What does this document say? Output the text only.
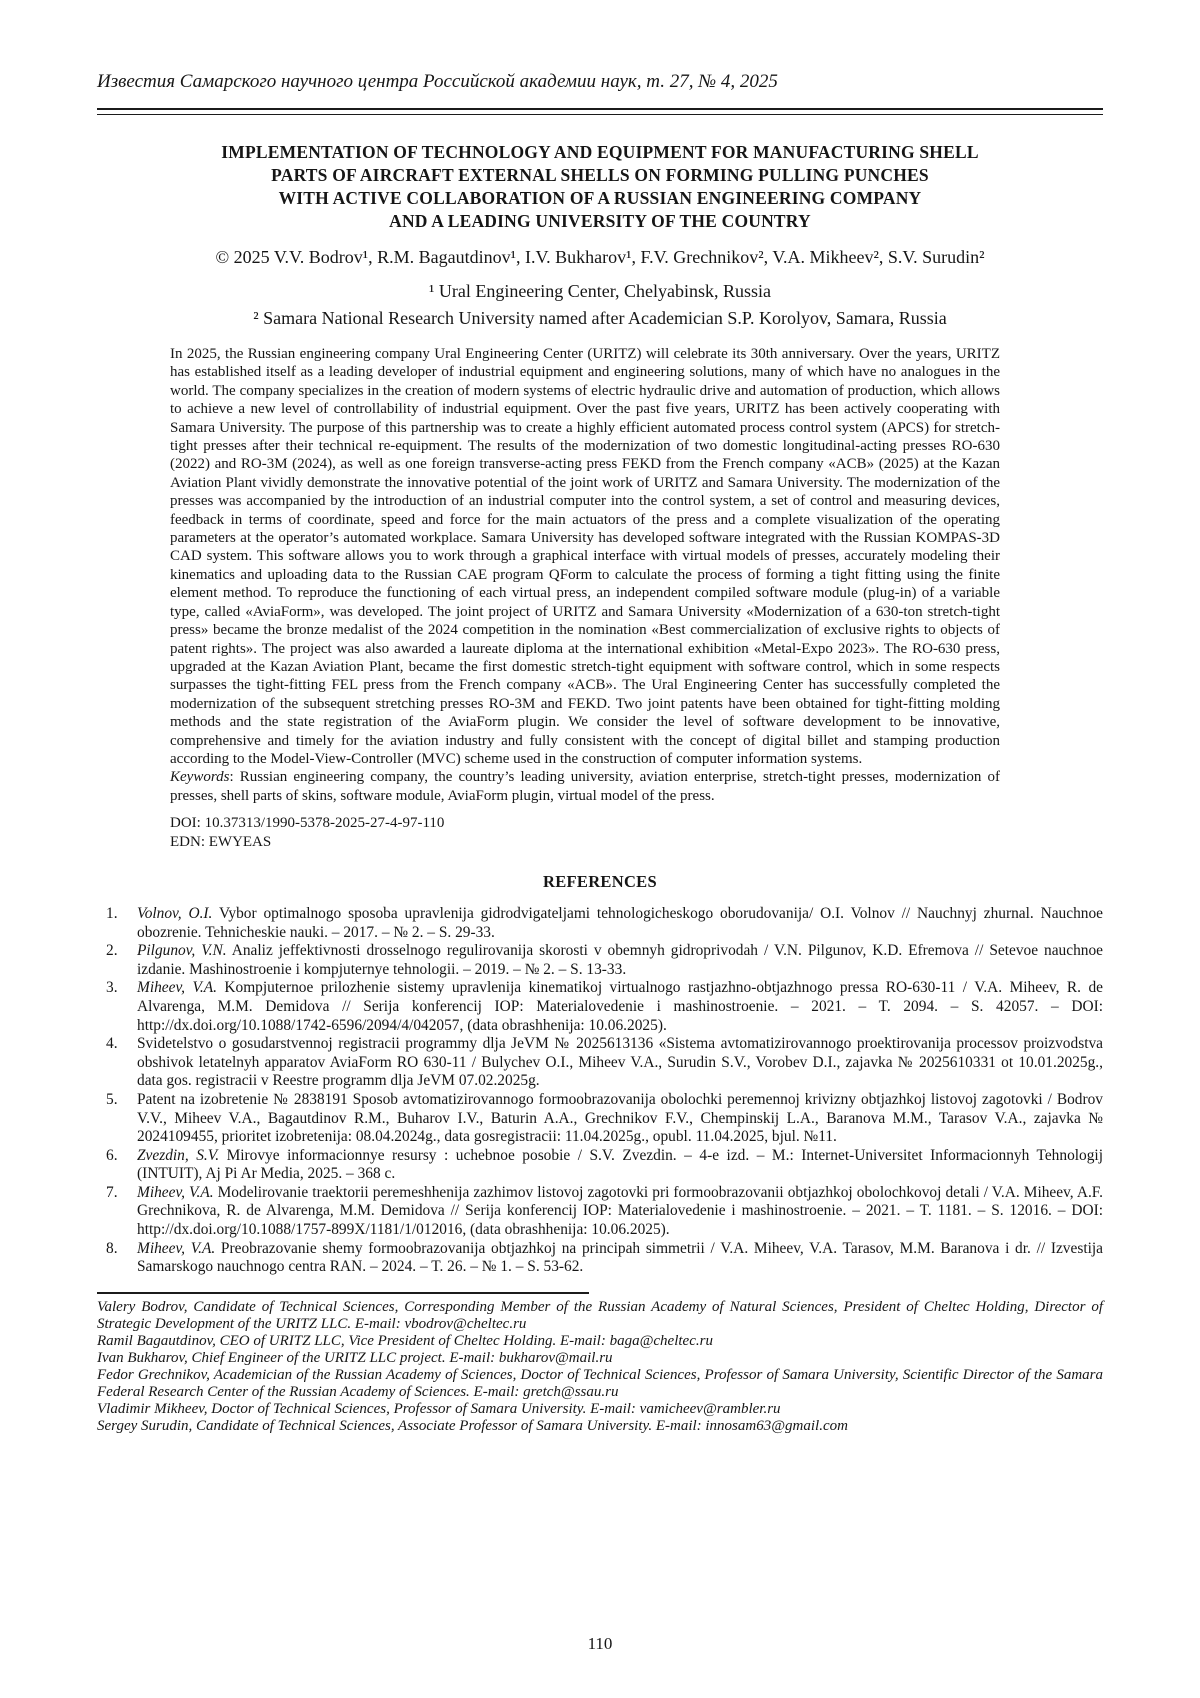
Известия Самарского научного центра Российской академии наук, т. 27, № 4, 2025
IMPLEMENTATION OF TECHNOLOGY AND EQUIPMENT FOR MANUFACTURING SHELL
PARTS OF AIRCRAFT EXTERNAL SHELLS ON FORMING PULLING PUNCHES
WITH ACTIVE COLLABORATION OF A RUSSIAN ENGINEERING COMPANY
AND A LEADING UNIVERSITY OF THE COUNTRY
© 2025 V.V. Bodrov¹, R.M. Bagautdinov¹, I.V. Bukharov¹, F.V. Grechnikov², V.A. Mikheev², S.V. Surudin²
¹ Ural Engineering Center, Chelyabinsk, Russia
² Samara National Research University named after Academician S.P. Korolyov, Samara, Russia

In 2025, the Russian engineering company Ural Engineering Center (URITZ) will celebrate its 30th anniversary. Over the years, URITZ has established itself as a leading developer of industrial equipment and engineering solutions, many of which have no analogues in the world. The company specializes in the creation of modern systems of electric hydraulic drive and automation of production, which allows to achieve a new level of controllability of industrial equipment. Over the past five years, URITZ has been actively cooperating with Samara University. The purpose of this partnership was to create a highly efficient automated process control system (APCS) for stretch-tight presses after their technical re-equipment. The results of the modernization of two domestic longitudinal-acting presses RO-630 (2022) and RO-3M (2024), as well as one foreign transverse-acting press FEKD from the French company «ACB» (2025) at the Kazan Aviation Plant vividly demonstrate the innovative potential of the joint work of URITZ and Samara University. The modernization of the presses was accompanied by the introduction of an industrial computer into the control system, a set of control and measuring devices, feedback in terms of coordinate, speed and force for the main actuators of the press and a complete visualization of the operating parameters at the operator’s automated workplace. Samara University has developed software integrated with the Russian KOMPAS-3D CAD system. This software allows you to work through a graphical interface with virtual models of presses, accurately modeling their kinematics and uploading data to the Russian CAE program QForm to calculate the process of forming a tight fitting using the finite element method. To reproduce the functioning of each virtual press, an independent compiled software module (plug-in) of a variable type, called «AviaForm», was developed. The joint project of URITZ and Samara University «Modernization of a 630-ton stretch-tight press» became the bronze medalist of the 2024 competition in the nomination «Best commercialization of exclusive rights to objects of patent rights». The project was also awarded a laureate diploma at the international exhibition «Metal-Expo 2023». The RO-630 press, upgraded at the Kazan Aviation Plant, became the first domestic stretch-tight equipment with software control, which in some respects surpasses the tight-fitting FEL press from the French company «ACB». The Ural Engineering Center has successfully completed the modernization of the subsequent stretching presses RO-3M and FEKD. Two joint patents have been obtained for tight-fitting molding methods and the state registration of the AviaForm plugin. We consider the level of software development to be innovative, comprehensive and timely for the aviation industry and fully consistent with the concept of digital billet and stamping production according to the Model-View-Controller (MVC) scheme used in the construction of computer information systems.

Keywords: Russian engineering company, the country’s leading university, aviation enterprise, stretch-tight presses, modernization of presses, shell parts of skins, software module, AviaForm plugin, virtual model of the press.

DOI: 10.37313/1990-5378-2025-27-4-97-110
EDN: EWYEAS
REFERENCES
1.	Volnov, O.I. Vybor optimalnogo sposoba upravlenija gidrodvigateljami tehnologicheskogo oborudovanija/ O.I. Volnov // Nauchnyj zhurnal. Nauchnoe obozrenie. Tehnicheskie nauki. – 2017. – № 2. – S. 29-33.
2.	Pilgunov, V.N. Analiz jeffektivnosti drosselnogo regulirovanija skorosti v obemnyh gidroprivodah / V.N. Pilgunov, K.D. Efremova // Setevoe nauchnoe izdanie. Mashinostroenie i kompjuternye tehnologii. – 2019. – № 2. – S. 13-33.
3.	Miheev, V.A. Kompjuternoe prilozhenie sistemy upravlenija kinematikoj virtualnogo rastjazhno-obtjazhnogo pressa RO-630-11 / V.A. Miheev, R. de Alvarenga, M.M. Demidova // Serija konferencij IOP: Materialovedenie i mashinostroenie. – 2021. – T. 2094. – S. 42057. – DOI: http://dx.doi.org/10.1088/1742-6596/2094/4/042057, (data obrashhenija: 10.06.2025).
4.	Svidetelstvo o gosudarstvennoj registracii programmy dlja JeVM № 2025613136 «Sistema avtomatizirovannogo proektirovanija processov proizvodstva obshivok letatelnyh apparatov AviaForm RO 630-11 / Bulychev O.I., Miheev V.A., Surudin S.V., Vorobev D.I., zajavka № 2025610331 ot 10.01.2025g., data gos. registracii v Reestre programm dlja JeVM 07.02.2025g.
5.	Patent na izobretenie № 2838191 Sposob avtomatizirovannogo formoobrazovanija obolochki peremennoj krivizny obtjazhkoj listovoj zagotovki / Bodrov V.V., Miheev V.A., Bagautdinov R.M., Buharov I.V., Baturin A.A., Grechnikov F.V., Chempinskij L.A., Baranova M.M., Tarasov V.A., zajavka № 2024109455, prioritet izobretenija: 08.04.2024g., data gosregistracii: 11.04.2025g., opubl. 11.04.2025, bjul. №11.
6.	Zvezdin, S.V. Mirovye informacionnye resursy : uchebnoe posobie / S.V. Zvezdin. – 4-e izd. – M.: Internet-Universitet Informacionnyh Tehnologij (INTUIT), Aj Pi Ar Media, 2025. – 368 c.
7.	Miheev, V.A. Modelirovanie traektorii peremeshhenija zazhimov listovoj zagotovki pri formoobrazovanii obtjazhkoj obolochkovoj detali / V.A. Miheev, A.F. Grechnikova, R. de Alvarenga, M.M. Demidova // Serija konferencij IOP: Materialovedenie i mashinostroenie. – 2021. – T. 1181. – S. 12016. – DOI: http://dx.doi.org/10.1088/1757-899X/1181/1/012016, (data obrashhenija: 10.06.2025).
8.	Miheev, V.A. Preobrazovanie shemy formoobrazovanija obtjazhkoj na principah simmetrii / V.A. Miheev, V.A. Tarasov, M.M. Baranova i dr. // Izvestija Samarskogo nauchnogo centra RAN. – 2024. – T. 26. – № 1. – S. 53-62.

Valery Bodrov, Candidate of Technical Sciences, Corresponding Member of the Russian Academy of Natural Sciences, President of Cheltec Holding, Director of Strategic Development of the URITZ LLC. E-mail: vbodrov@cheltec.ru

Ramil Bagautdinov, CEO of URITZ LLC, Vice President of Cheltec Holding. E-mail: baga@cheltec.ru

Ivan Bukharov, Chief Engineer of the URITZ LLC project. E-mail: bukharov@mail.ru

Fedor Grechnikov, Academician of the Russian Academy of Sciences, Doctor of Technical Sciences, Professor of Samara University, Scientific Director of the Samara Federal Research Center of the Russian Academy of Sciences. E-mail: gretch@ssau.ru

Vladimir Mikheev, Doctor of Technical Sciences, Professor of Samara University. E-mail: vamicheev@rambler.ru

Sergey Surudin, Candidate of Technical Sciences, Associate Professor of Samara University. E-mail: innosam63@gmail.com

110
